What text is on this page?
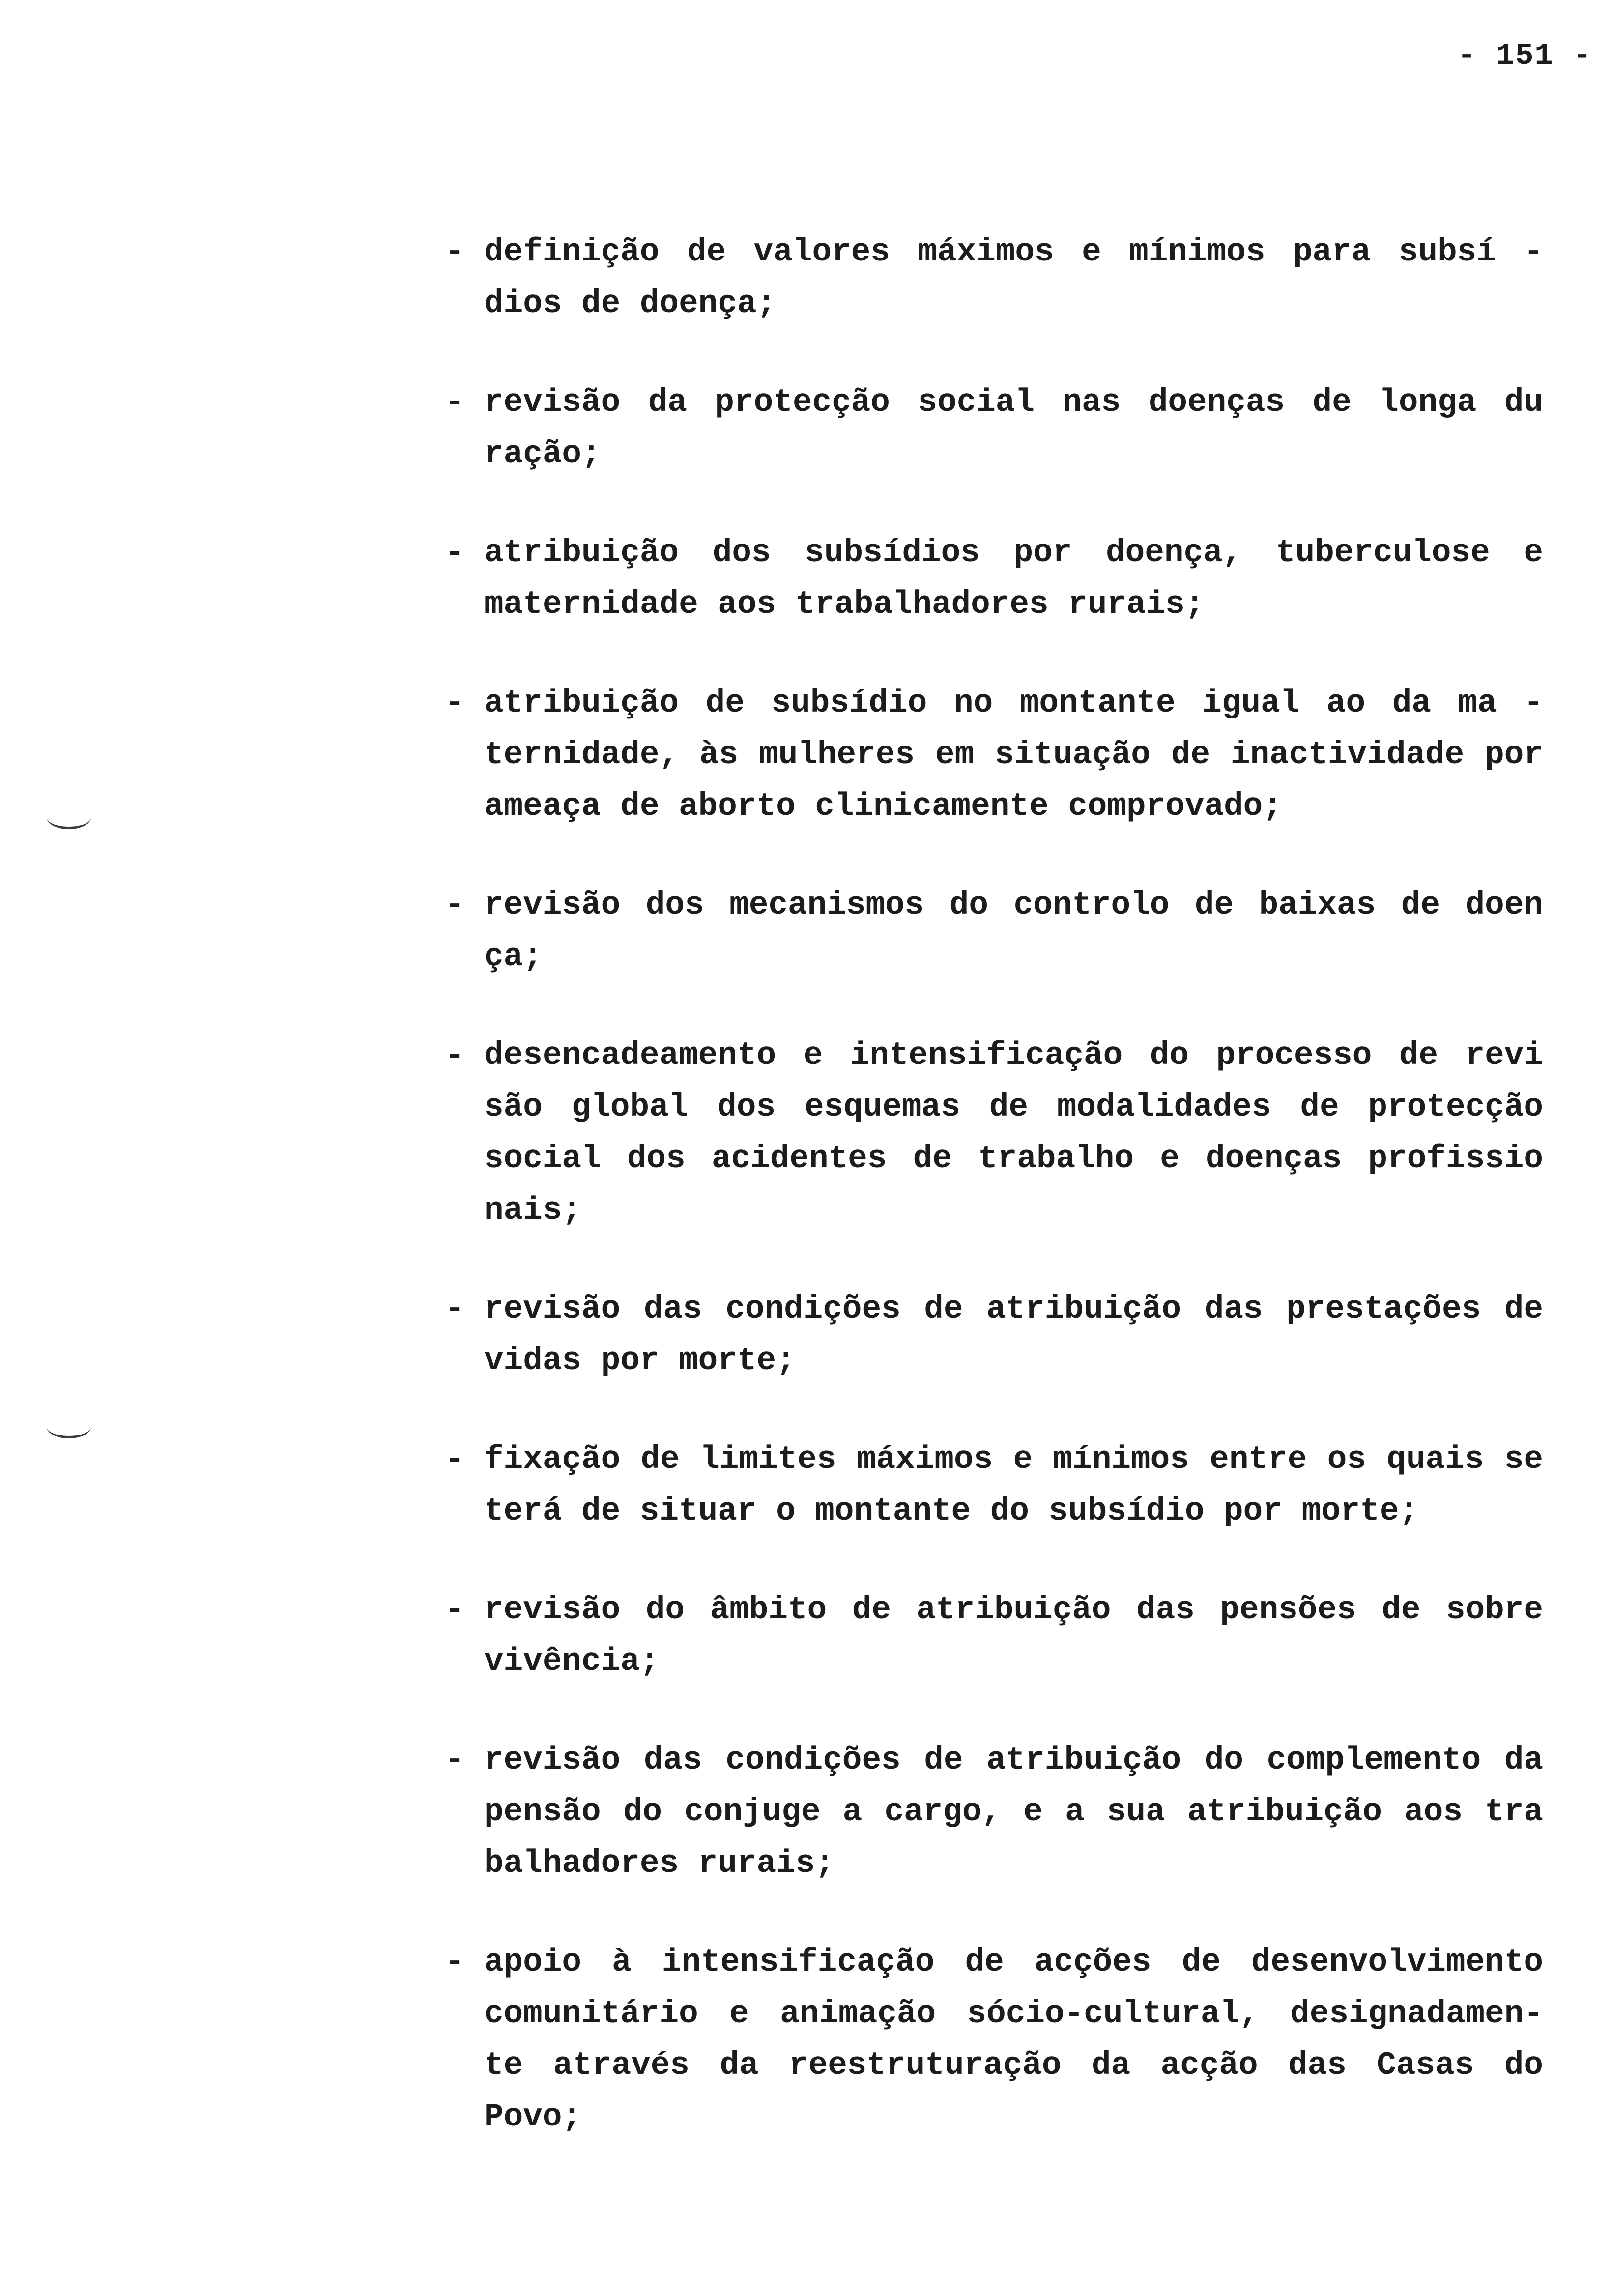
- 151 -
- definição de valores máximos e mínimos para subsí - dios de doença;
- revisão da protecção social nas doenças de longa du ração;
- atribuição dos subsídios por doença, tuberculose e maternidade aos trabalhadores rurais;
- atribuição de subsídio no montante igual ao da ma - ternidade, às mulheres em situação de inactividade por ameaça de aborto clinicamente comprovado;
- revisão dos mecanismos do controlo de baixas de doen ça;
- desencadeamento e intensificação do processo de revi são global dos esquemas de modalidades de protecção social dos acidentes de trabalho e doenças profissio nais;
- revisão das condições de atribuição das prestações de vidas por morte;
- fixação de limites máximos e mínimos entre os quais se terá de situar o montante do subsídio por morte;
- revisão do âmbito de atribuição das pensões de sobre vivência;
- revisão das condições de atribuição do complemento da pensão do conjuge a cargo, e a sua atribuição aos tra balhadores rurais;
- apoio à intensificação de acções de desenvolvimento comunitário e animação sócio-cultural, designadamen- te através da reestruturação da acção das Casas do Povo;
